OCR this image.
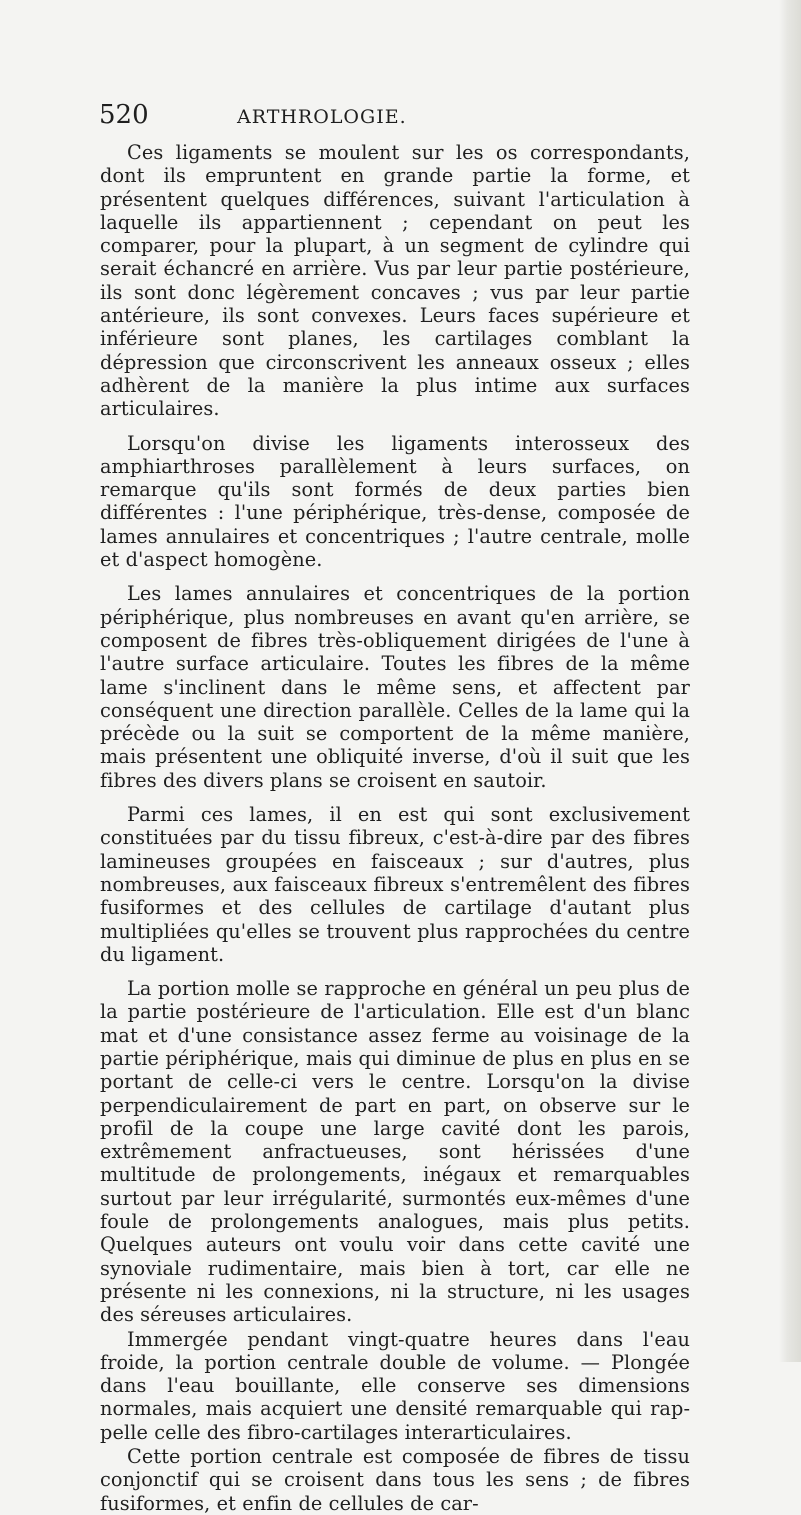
520	ARTHROLOGIE.

Ces ligaments se moulent sur les os correspondants, dont ils empruntent en grande partie la forme, et présentent quelques différences, suivant l'articulation à laquelle ils appartiennent ; cependant on peut les comparer, pour la plupart, à un segment de cylindre qui serait échancré en arrière. Vus par leur partie postérieure, ils sont donc légèrement concaves ; vus par leur partie antérieure, ils sont convexes. Leurs faces supérieure et inférieure sont planes, les cartilages comblant la dépression que circonscrivent les anneaux osseux ; elles adhèrent de la manière la plus intime aux surfaces articulaires.

Lorsqu'on divise les ligaments interosseux des amphiarthroses parallèlement à leurs surfaces, on remarque qu'ils sont formés de deux parties bien différentes : l'une périphérique, très-dense, composée de lames annulaires et concentriques ; l'autre centrale, molle et d'aspect homogène.

Les lames annulaires et concentriques de la portion périphérique, plus nombreuses en avant qu'en arrière, se composent de fibres très-obliquement dirigées de l'une à l'autre surface articulaire. Toutes les fibres de la même lame s'inclinent dans le même sens, et affectent par conséquent une direction parallèle. Celles de la lame qui la précède ou la suit se comportent de la même manière, mais présentent une obliquité inverse, d'où il suit que les fibres des divers plans se croisent en sautoir.

Parmi ces lames, il en est qui sont exclusivement constituées par du tissu fibreux, c'est-à-dire par des fibres lamineuses groupées en faisceaux ; sur d'autres, plus nombreuses, aux faisceaux fibreux s'entremêlent des fibres fusiformes et des cellules de cartilage d'autant plus multipliées qu'elles se trouvent plus rapprochées du centre du ligament.

La portion molle se rapproche en général un peu plus de la partie postérieure de l'articulation. Elle est d'un blanc mat et d'une consistance assez ferme au voisinage de la partie périphérique, mais qui diminue de plus en plus en se portant de celle-ci vers le centre. Lorsqu'on la divise perpendiculairement de part en part, on observe sur le profil de la coupe une large cavité dont les parois, extrêmement anfractueuses, sont hérissées d'une multitude de prolongements, inégaux et remarquables surtout par leur irrégularité, surmontés eux-mêmes d'une foule de prolongements analogues, mais plus petits. Quelques auteurs ont voulu voir dans cette cavité une synoviale rudimentaire, mais bien à tort, car elle ne présente ni les connexions, ni la structure, ni les usages des séreuses articulaires.

Immergée pendant vingt-quatre heures dans l'eau froide, la portion centrale double de volume. — Plongée dans l'eau bouillante, elle conserve ses dimensions normales, mais acquiert une densité remarquable qui rappelle celle des fibro-cartilages interarticulaires.

Cette portion centrale est composée de fibres de tissu conjonctif qui se croisent dans tous les sens ; de fibres fusiformes, et enfin de cellules de car-
